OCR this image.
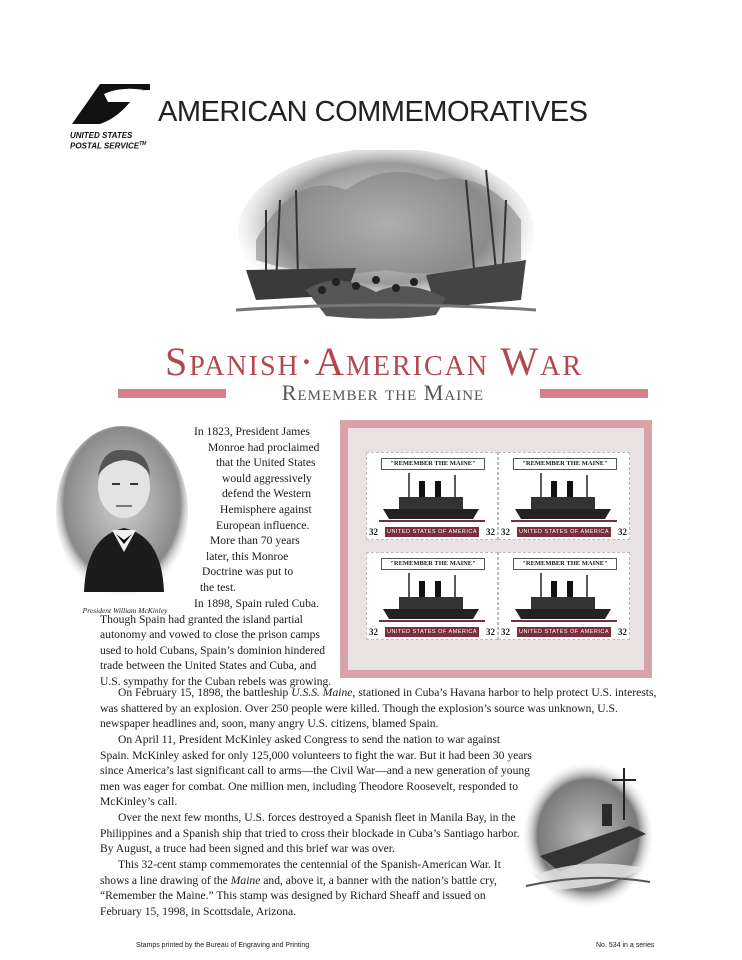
UNITED STATES
POSTAL SERVICE™
AMERICAN COMMEMORATIVES
Spanish·American War
Remember the Maine
President William McKinley
"REMEMBER THE MAINE"
32	UNITED STATES OF AMERICA 32
"REMEMBER THE MAINE"
32	UNITED STATES OF AMERICA 32
"REMEMBER THE MAINE"
32	UNITED STATES OF AMERICA 32
"REMEMBER THE MAINE"
32	UNITED STATES OF AMERICA 32
In 1823, President James
Monroe had proclaimed
that the United States
would aggressively
defend the Western
Hemisphere against
European influence.
More than 70 years
later, this Monroe
Doctrine was put to
the test.

In 1898, Spain ruled Cuba. Though Spain had granted the island partial autonomy and vowed to close the prison camps used to hold Cubans, Spain’s dominion hindered trade between the United States and Cuba, and U.S. sympathy for the Cuban rebels was growing.

On February 15, 1898, the battleship U.S.S. Maine, stationed in Cuba’s Havana harbor to help protect U.S. interests, was shattered by an explosion. Over 250 people were killed. Though the explosion’s source was unknown, U.S. newspaper headlines and, soon, many angry U.S. citizens, blamed Spain.

On April 11, President McKinley asked Congress to send the nation to war against Spain. McKinley asked for only 125,000 volunteers to fight the war. But it had been 30 years since America’s last significant call to arms—the Civil War—and a new generation of young men was eager for combat. One million men, including Theodore Roosevelt, responded to McKinley’s call.

Over the next few months, U.S. forces destroyed a Spanish fleet in Manila Bay, in the Philippines and a Spanish ship that tried to cross their blockade in Cuba’s Santiago harbor. By August, a truce had been signed and this brief war was over.

This 32-cent stamp commemorates the centennial of the Spanish-American War. It shows a line drawing of the Maine and, above it, a banner with the nation’s battle cry, “Remember the Maine.” This stamp was designed by Richard Sheaff and issued on February 15, 1998, in Scottsdale, Arizona.

Stamps printed by the Bureau of Engraving and Printing	No. 534 in a series
